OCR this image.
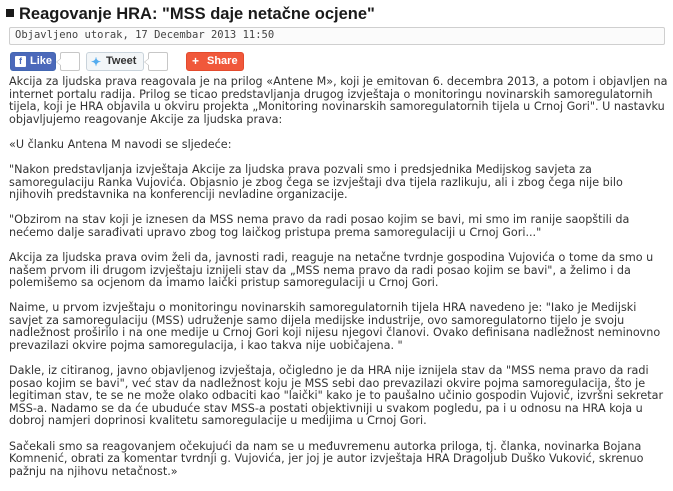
Reagovanje HRA: "MSS daje netačne ocjene"
Objavljeno utorak, 17 Decembar 2013 11:50
f Like	✦ Tweet	+ Share

Akcija za ljudska prava reagovala je na prilog «Antene M», koji je emitovan 6. decembra 2013, a potom i objavljen na internet portalu radija. Prilog se ticao predstavljanja drugog izvještaja o monitoringu novinarskih samoregulatornih tijela, koji je HRA objavila u okviru projekta „Monitoring novinarskih samoregulatornih tijela u Crnoj Gori". U nastavku objavljujemo reagovanje Akcije za ljudska prava:

«U članku Antena M navodi se sljedeće:

"Nakon predstavljanja izvještaja Akcije za ljudska prava pozvali smo i predsjednika Medijskog savjeta za samoregulaciju Ranka Vujovića. Objasnio je zbog čega se izvještaji dva tijela razlikuju, ali i zbog čega nije bilo njihovih predstavnika na konferenciji nevladine organizacije.

"Obzirom na stav koji je iznesen da MSS nema pravo da radi posao kojim se bavi, mi smo im ranije saopštili da nećemo dalje sarađivati upravo zbog tog laičkog pristupa prema samoregulaciji u Crnoj Gori..."

Akcija za ljudska prava ovim želi da, javnosti radi, reaguje na netačne tvrdnje gospodina Vujovića o tome da smo u našem prvom ili drugom izvještaju iznijeli stav da „MSS nema pravo da radi posao kojim se bavi", a želimo i da polemišemo sa ocjenom da imamo laički pristup samoregulaciji u Crnoj Gori.

Naime, u prvom izvještaju o monitoringu novinarskih samoregulatornih tijela HRA navedeno je: "Iako je Medijski savjet za samoregulaciju (MSS) udruženje samo dijela medijske industrije, ovo samoregulatorno tijelo je svoju nadležnost proširilo i na one medije u Crnoj Gori koji nijesu njegovi članovi. Ovako definisana nadležnost neminovno prevazilazi okvire pojma samoregulacija, i kao takva nije uobičajena. "

Dakle, iz citiranog, javno objavljenog izvještaja, očigledno je da HRA nije iznijela stav da "MSS nema pravo da radi posao kojim se bavi", već stav da nadležnost koju je MSS sebi dao prevazilazi okvire pojma samoregulacija, što je legitiman stav, te se ne može olako odbaciti kao "laički" kako je to paušalno učinio gospodin Vujović, izvršni sekretar MSS-a. Nadamo se da će ubuduće stav MSS-a postati objektivniji u svakom pogledu, pa i u odnosu na HRA koja u dobroj namjeri doprinosi kvalitetu samoregulacije u medijima u Crnoj Gori.

Sačekali smo sa reagovanjem očekujući da nam se u međuvremenu autorka priloga, tj. članka, novinarka Bojana Komnenić, obrati za komentar tvrdnji g. Vujovića, jer joj je autor izvještaja HRA Dragoljub Duško Vuković, skrenuo pažnju na njihovu netačnost.»
